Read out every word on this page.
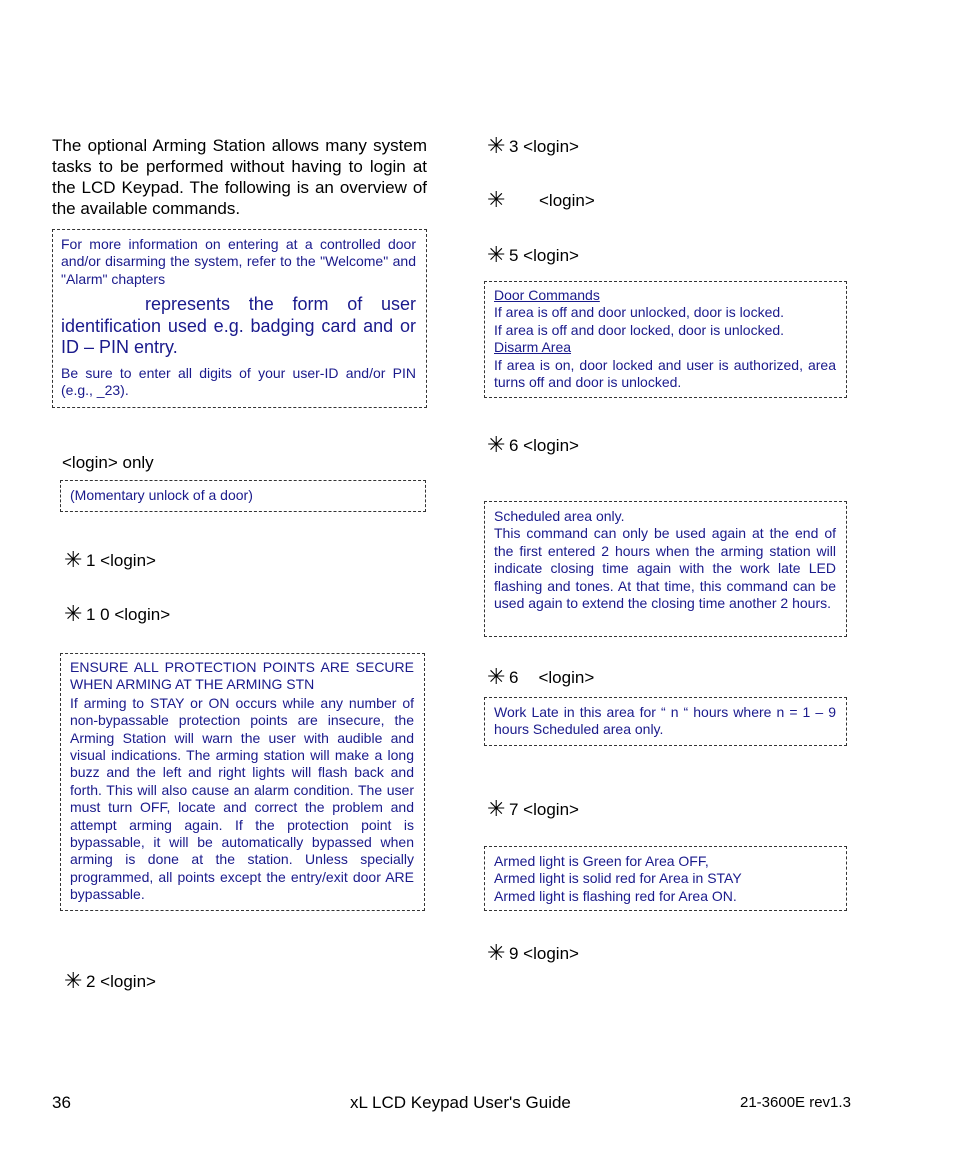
The optional Arming Station allows many system tasks to be performed without having to login at the LCD Keypad. The following is an overview of the available commands.

For more information on entering at a controlled door and/or disarming the system, refer to the "Welcome" and "Alarm" chapters

represents the form of user identification used e.g. badging card and or ID – PIN entry.

Be sure to enter all digits of your user-ID and/or PIN (e.g., _23).

<login> only

(Momentary unlock of a door)

✳ 1 <login>
✳ 1 0 <login>

ENSURE ALL PROTECTION POINTS ARE SECURE WHEN ARMING AT THE ARMING STN

If arming to STAY or ON occurs while any number of non-bypassable protection points are insecure, the Arming Station will warn the user with audible and visual indications. The arming station will make a long buzz and the left and right lights will flash back and forth. This will also cause an alarm condition. The user must turn OFF, locate and correct the problem and attempt arming again. If the protection point is bypassable, it will be automatically bypassed when arming is done at the station. Unless specially programmed, all points except the entry/exit door ARE bypassable.

✳ 2 <login>
✳ 3 <login>
✳ <login>
✳ 5 <login>

Door Commands

If area is off and door unlocked, door is locked.

If area is off and door locked, door is unlocked.

Disarm Area

If area is on, door locked and user is authorized, area turns off and door is unlocked.

✳ 6 <login>

Scheduled area only.

This command can only be used again at the end of the first entered 2 hours when the arming station will indicate closing time again with the work late LED flashing and tones. At that time, this command can be used again to extend the closing time another 2 hours.

✳ 6 <login>

Work Late in this area for “ n “ hours where n = 1 – 9 hours Scheduled area only.

✳ 7 <login>

Armed light is Green for Area OFF,

Armed light is solid red for Area in STAY

Armed light is flashing red for Area ON.

✳ 9 <login>
36	xL LCD Keypad User's Guide	21-3600E rev1.3
